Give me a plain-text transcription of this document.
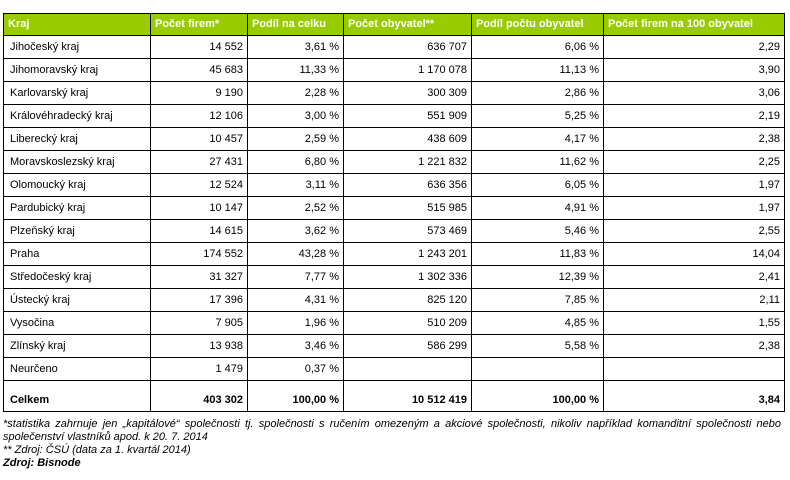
Kraj	Počet firem*	Podíl na celku	Počet obyvatel**	Podíl počtu obyvatel	Počet firem na 100 obyvatel
Jihočeský kraj	14 552	3,61 %	636 707	6,06 %	2,29
Jihomoravský kraj	45 683	11,33 %	1 170 078	11,13 %	3,90
Karlovarský kraj	9 190	2,28 %	300 309	2,86 %	3,06
Královéhradecký kraj	12 106	3,00 %	551 909	5,25 %	2,19
Liberecký kraj	10 457	2,59 %	438 609	4,17 %	2,38
Moravskoslezský kraj	27 431	6,80 %	1 221 832	11,62 %	2,25
Olomoucký kraj	12 524	3,11 %	636 356	6,05 %	1,97
Pardubický kraj	10 147	2,52 %	515 985	4,91 %	1,97
Plzeňský kraj	14 615	3,62 %	573 469	5,46 %	2,55
Praha	174 552	43,28 %	1 243 201	11,83 %	14,04
Středočeský kraj	31 327	7,77 %	1 302 336	12,39 %	2,41
Ústecký kraj	17 396	4,31 %	825 120	7,85 %	2,11
Vysočina	7 905	1,96 %	510 209	4,85 %	1,55
Zlínský kraj	13 938	3,46 %	586 299	5,58 %	2,38
Neurčeno	1 479	0,37 %			

Celkem	403 302	100,00 %	10 512 419	100,00 %	3,84

*statistika zahrnuje jen „kapitálové“ společnosti tj. společnosti s ručením omezeným a akciové společnosti, nikoliv například komanditní společnosti nebo společenství vlastníků apod. k 20. 7. 2014

** Zdroj: ČSÚ (data za 1. kvartál 2014)

Zdroj: Bisnode
